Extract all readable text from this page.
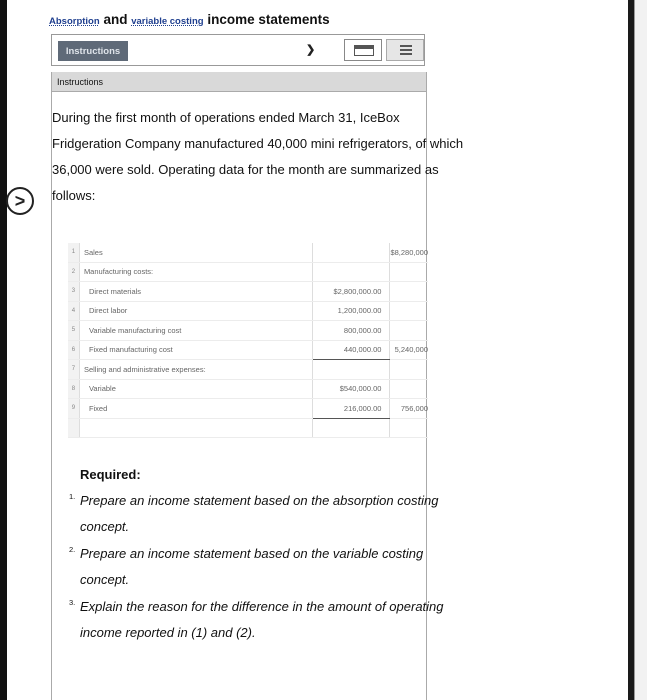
>
Absorption and variable costing income statements
Instructions	❯
Instructions
During the first month of operations ended March 31, IceBox
Fridgeration Company manufactured 40,000 mini refrigerators, of which
36,000 were sold. Operating data for the month are summarized as
follows:
1	Sales		$8,280,000
2	Manufacturing costs:		
3	Direct materials	$2,800,000.00	
4	Direct labor	1,200,000.00	
5	Variable manufacturing cost	800,000.00	
6	Fixed manufacturing cost	440,000.00	5,240,000
7	Selling and administrative expenses:		
8	Variable	$540,000.00	
9	Fixed	216,000.00	756,000

Required:
1. Prepare an income statement based on the absorption costing
concept.
2. Prepare an income statement based on the variable costing
concept.
3. Explain the reason for the difference in the amount of operating
income reported in (1) and (2).
